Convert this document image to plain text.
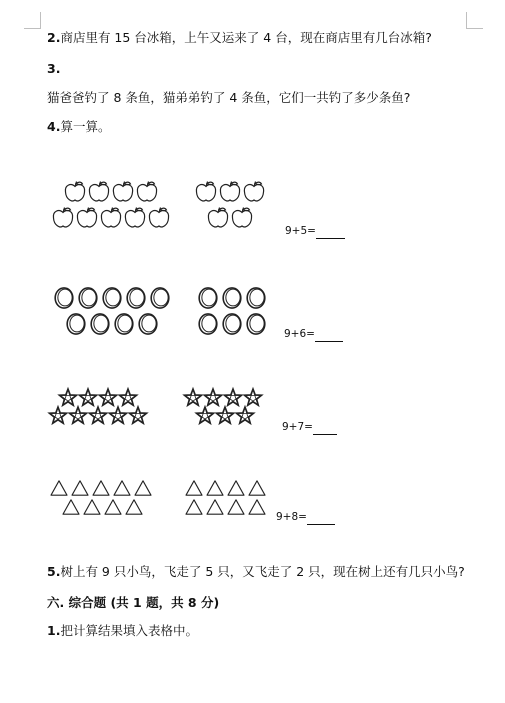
2.商店里有 15 台冰箱，上午又运来了 4 台，现在商店里有几台冰箱?
3.
猫爸爸钓了 8 条鱼，猫弟弟钓了 4 条鱼，它们一共钓了多少条鱼?
4.算一算。
9+5=
9+6=
9+7=
9+8=
5.树上有 9 只小鸟，飞走了 5 只，又飞走了 2 只，现在树上还有几只小鸟?
六. 综合题 (共 1 题，共 8 分)
1.把计算结果填入表格中。
